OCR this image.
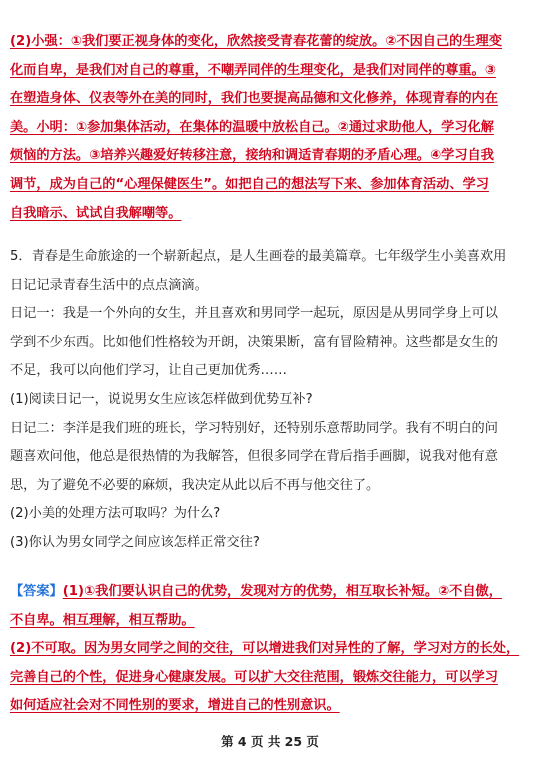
(2)小强：①我们要正视身体的变化，欣然接受青春花蕾的绽放。②不因自己的生理变
化而自卑，是我们对自己的尊重，不嘲弄同伴的生理变化，是我们对同伴的尊重。③
在塑造身体、仪表等外在美的同时，我们也要提高品德和文化修养，体现青春的内在
美。小明：①参加集体活动，在集体的温暖中放松自己。②通过求助他人，学习化解
烦恼的方法。③培养兴趣爱好转移注意，接纳和调适青春期的矛盾心理。④学习自我
调节，成为自己的“心理保健医生”。如把自己的想法写下来、参加体育活动、学习
自我暗示、试试自我解嘲等。
5．青春是生命旅途的一个崭新起点，是人生画卷的最美篇章。七年级学生小美喜欢用
日记记录青春生活中的点点滴滴。
日记一：我是一个外向的女生，并且喜欢和男同学一起玩，原因是从男同学身上可以
学到不少东西。比如他们性格较为开朗，决策果断，富有冒险精神。这些都是女生的
不足，我可以向他们学习，让自己更加优秀……
(1)阅读日记一，说说男女生应该怎样做到优势互补?
日记二：李洋是我们班的班长，学习特别好，还特别乐意帮助同学。我有不明白的问
题喜欢问他，他总是很热情的为我解答，但很多同学在背后指手画脚，说我对他有意
思，为了避免不必要的麻烦，我决定从此以后不再与他交往了。
(2)小美的处理方法可取吗？为什么?
(3)你认为男女同学之间应该怎样正常交往?
【答案】(1)①我们要认识自己的优势，发现对方的优势，相互取长补短。②不自傲，
不自卑。相互理解，相互帮助。
(2)不可取。因为男女同学之间的交往，可以增进我们对异性的了解，学习对方的长处，
完善自己的个性，促进身心健康发展。可以扩大交往范围，锻炼交往能力，可以学习
如何适应社会对不同性别的要求，增进自己的性别意识。
第 4 页 共 25 页
